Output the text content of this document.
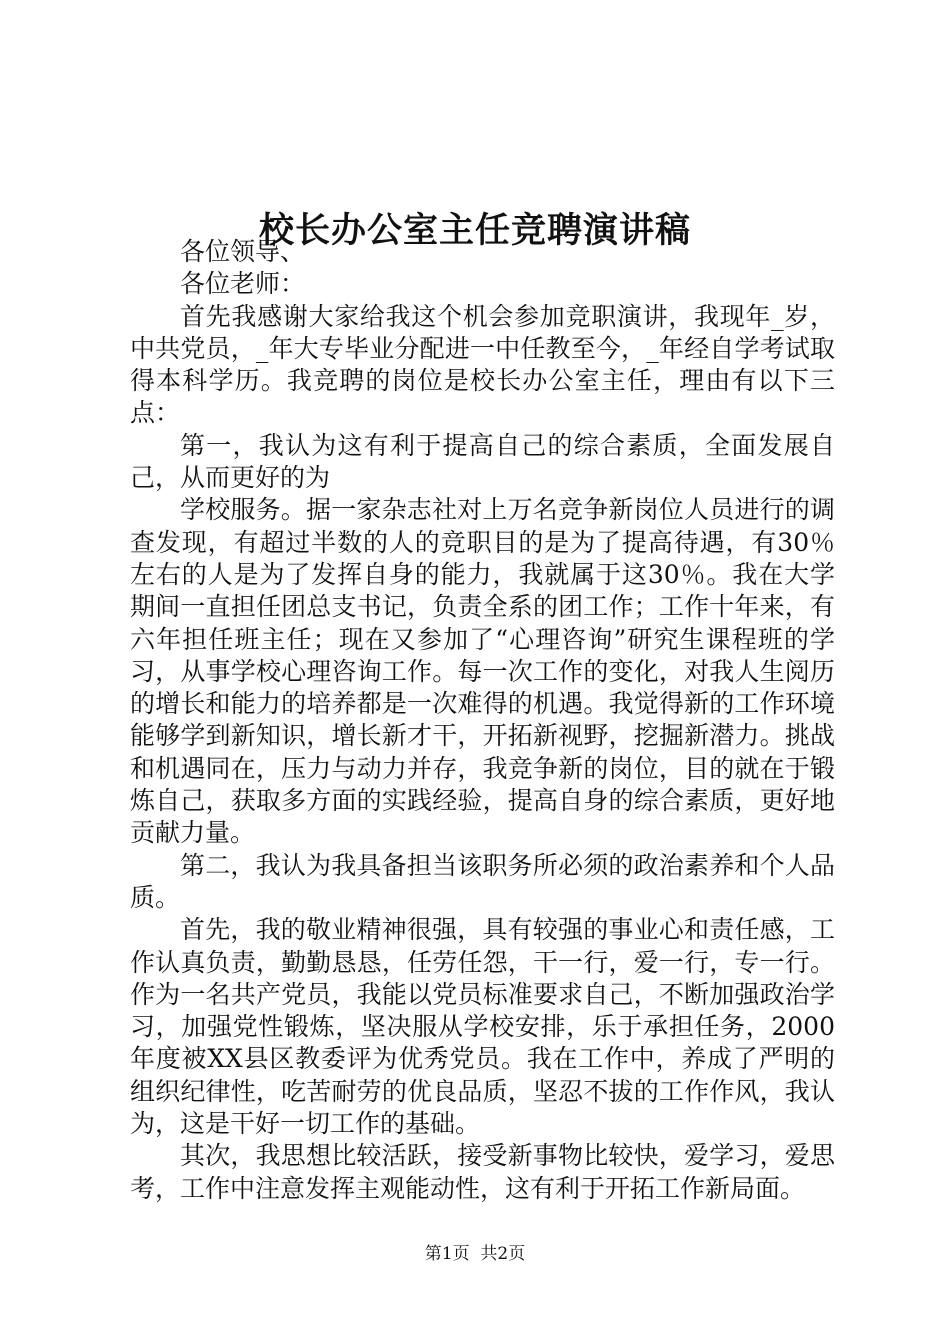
校长办公室主任竞聘演讲稿

各位领导、

各位老师：

首先我感谢大家给我这个机会参加竞职演讲，我现年_岁，中共党员，_年大专毕业分配进一中任教至今，_年经自学考试取得本科学历。我竞聘的岗位是校长办公室主任，理由有以下三点：

第一，我认为这有利于提高自己的综合素质，全面发展自己，从而更好的为

学校服务。据一家杂志社对上万名竞争新岗位人员进行的调查发现，有超过半数的人的竞职目的是为了提高待遇，有30％左右的人是为了发挥自身的能力，我就属于这30％。我在大学期间一直担任团总支书记，负责全系的团工作；工作十年来，有六年担任班主任；现在又参加了“心理咨询”研究生课程班的学习，从事学校心理咨询工作。每一次工作的变化，对我人生阅历的增长和能力的培养都是一次难得的机遇。我觉得新的工作环境能够学到新知识，增长新才干，开拓新视野，挖掘新潜力。挑战和机遇同在，压力与动力并存，我竞争新的岗位，目的就在于锻炼自己，获取多方面的实践经验，提高自身的综合素质，更好地贡献力量。

第二，我认为我具备担当该职务所必须的政治素养和个人品质。

首先，我的敬业精神很强，具有较强的事业心和责任感，工作认真负责，勤勤恳恳，任劳任怨，干一行，爱一行，专一行。作为一名共产党员，我能以党员标准要求自己，不断加强政治学习，加强党性锻炼，坚决服从学校安排，乐于承担任务，2000年度被XX县区教委评为优秀党员。我在工作中，养成了严明的组织纪律性，吃苦耐劳的优良品质，坚忍不拔的工作作风，我认为，这是干好一切工作的基础。

其次，我思想比较活跃，接受新事物比较快，爱学习，爱思考，工作中注意发挥主观能动性，这有利于开拓工作新局面。

第1页 共2页
